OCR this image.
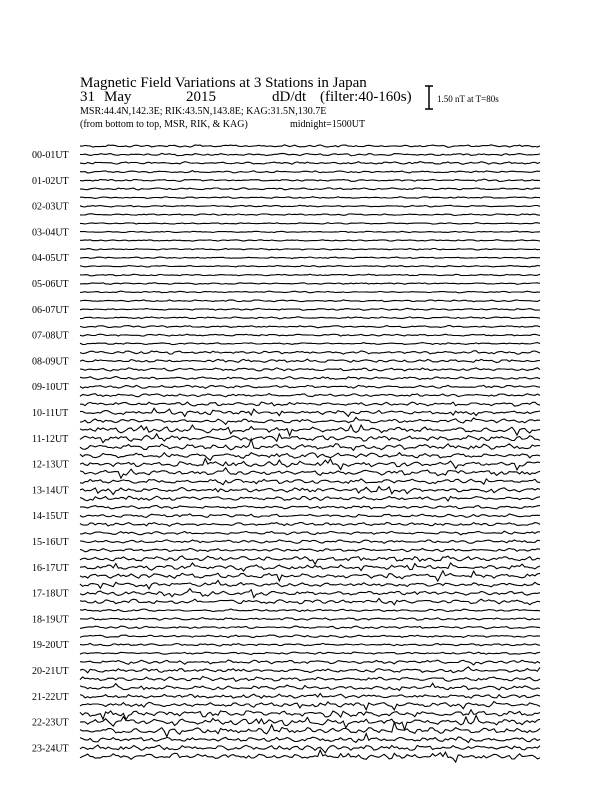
Magnetic Field Variations at 3 Stations in Japan
31 May	2015	dD/dt (filter:40-160s)
MSR:44.4N,142.3E; RIK:43.5N,143.8E; KAG:31.5N,130.7E
(from bottom to top, MSR, RIK, & KAG)	midnight=1500UT
1.50 nT at T=80s
00-01UT
01-02UT
02-03UT
03-04UT
04-05UT
05-06UT
06-07UT
07-08UT
08-09UT
09-10UT
10-11UT
11-12UT
12-13UT
13-14UT
14-15UT
15-16UT
16-17UT
17-18UT
18-19UT
19-20UT
20-21UT
21-22UT
22-23UT
23-24UT
